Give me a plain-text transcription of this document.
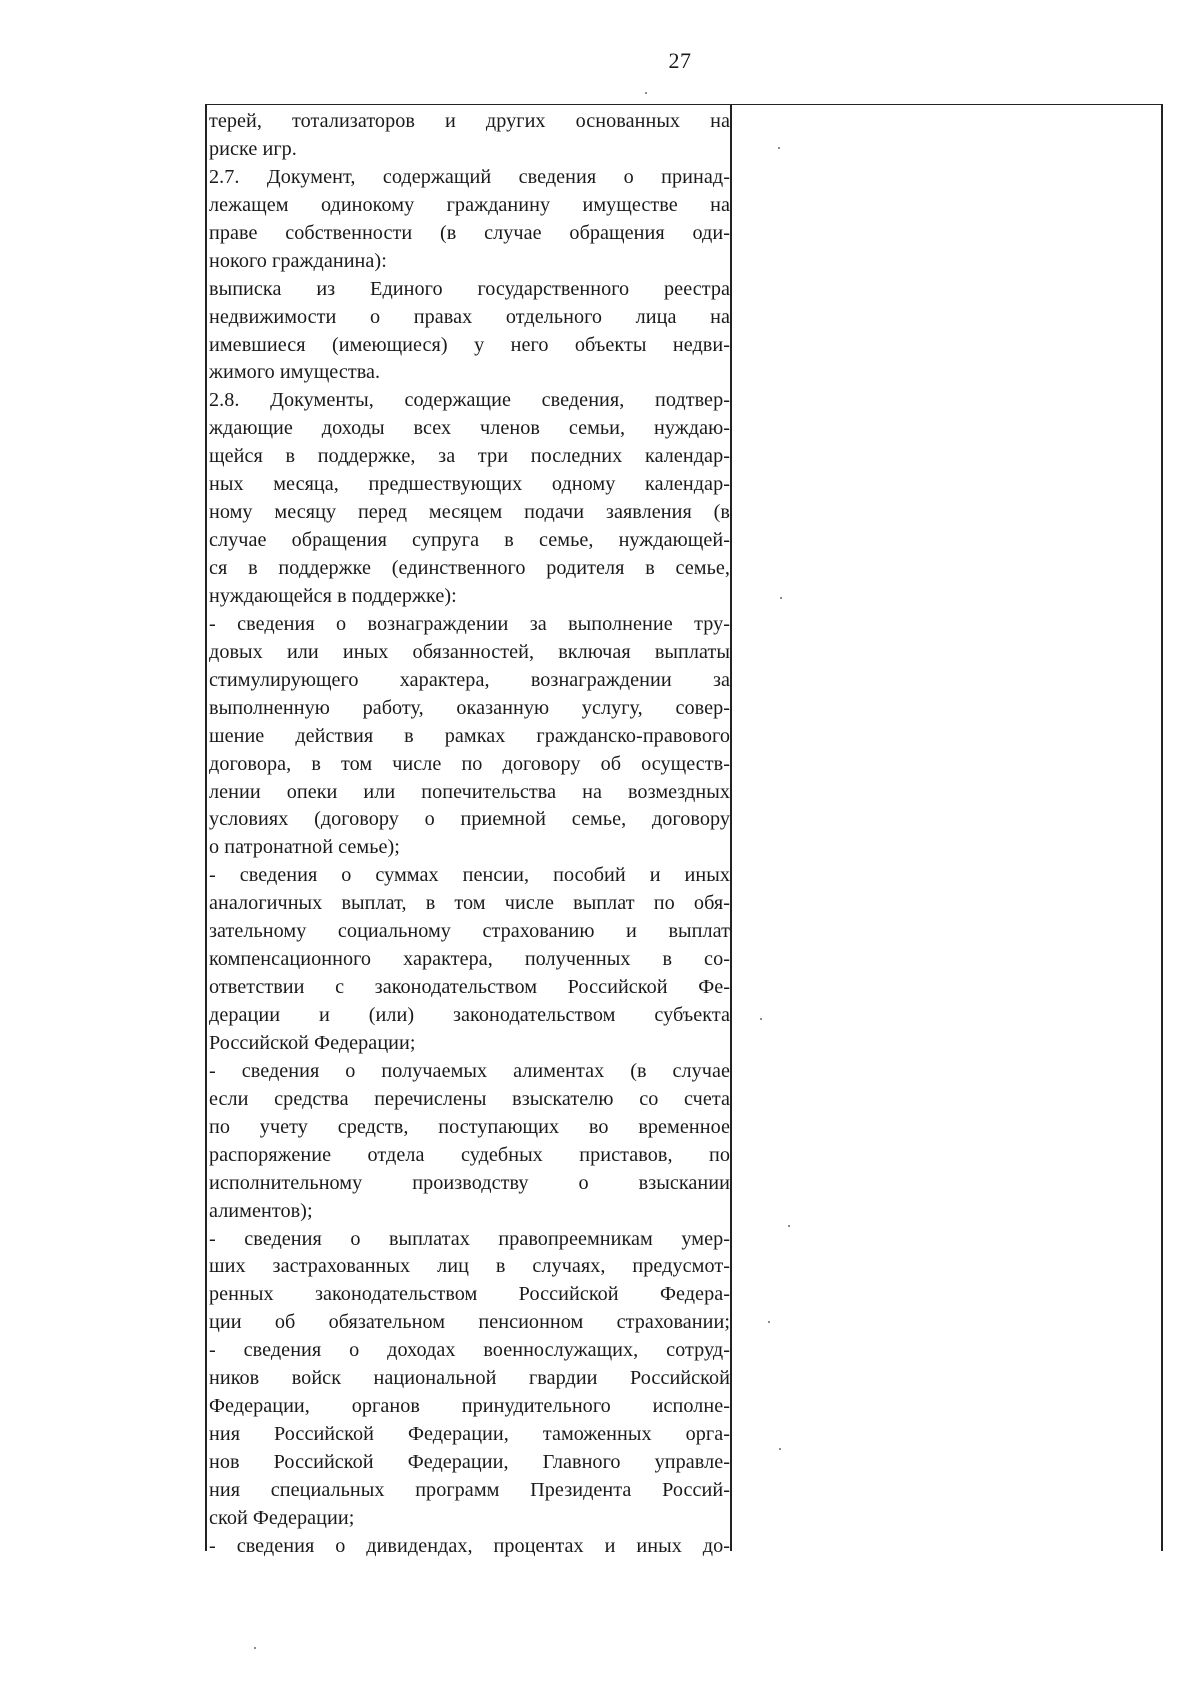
27
терей, тотализаторов и других основанных на
риске игр.
2.7. Документ, содержащий сведения о принад-
лежащем одинокому гражданину имуществе на
праве собственности (в случае обращения оди-
нокого гражданина):
выписка из Единого государственного реестра
недвижимости о правах отдельного лица на
имевшиеся (имеющиеся) у него объекты недви-
жимого имущества.
2.8. Документы, содержащие сведения, подтвер-
ждающие доходы всех членов семьи, нуждаю-
щейся в поддержке, за три последних календар-
ных месяца, предшествующих одному календар-
ному месяцу перед месяцем подачи заявления (в
случае обращения супруга в семье, нуждающей-
ся в поддержке (единственного родителя в семье,
нуждающейся в поддержке):
- сведения о вознаграждении за выполнение тру-
довых или иных обязанностей, включая выплаты
стимулирующего характера, вознаграждении за
выполненную работу, оказанную услугу, совер-
шение действия в рамках гражданско-правового
договора, в том числе по договору об осуществ-
лении опеки или попечительства на возмездных
условиях (договору о приемной семье, договору
о патронатной семье);
- сведения о суммах пенсии, пособий и иных
аналогичных выплат, в том числе выплат по обя-
зательному социальному страхованию и выплат
компенсационного характера, полученных в со-
ответствии с законодательством Российской Фе-
дерации и (или) законодательством субъекта
Российской Федерации;
- сведения о получаемых алиментах (в случае
если средства перечислены взыскателю со счета
по учету средств, поступающих во временное
распоряжение отдела судебных приставов, по
исполнительному производству о взыскании
алиментов);
- сведения о выплатах правопреемникам умер-
ших застрахованных лиц в случаях, предусмот-
ренных законодательством Российской Федера-
ции об обязательном пенсионном страховании;
- сведения о доходах военнослужащих, сотруд-
ников войск национальной гвардии Российской
Федерации, органов принудительного исполне-
ния Российской Федерации, таможенных орга-
нов Российской Федерации, Главного управле-
ния специальных программ Президента Россий-
ской Федерации;
- сведения о дивидендах, процентах и иных до-
